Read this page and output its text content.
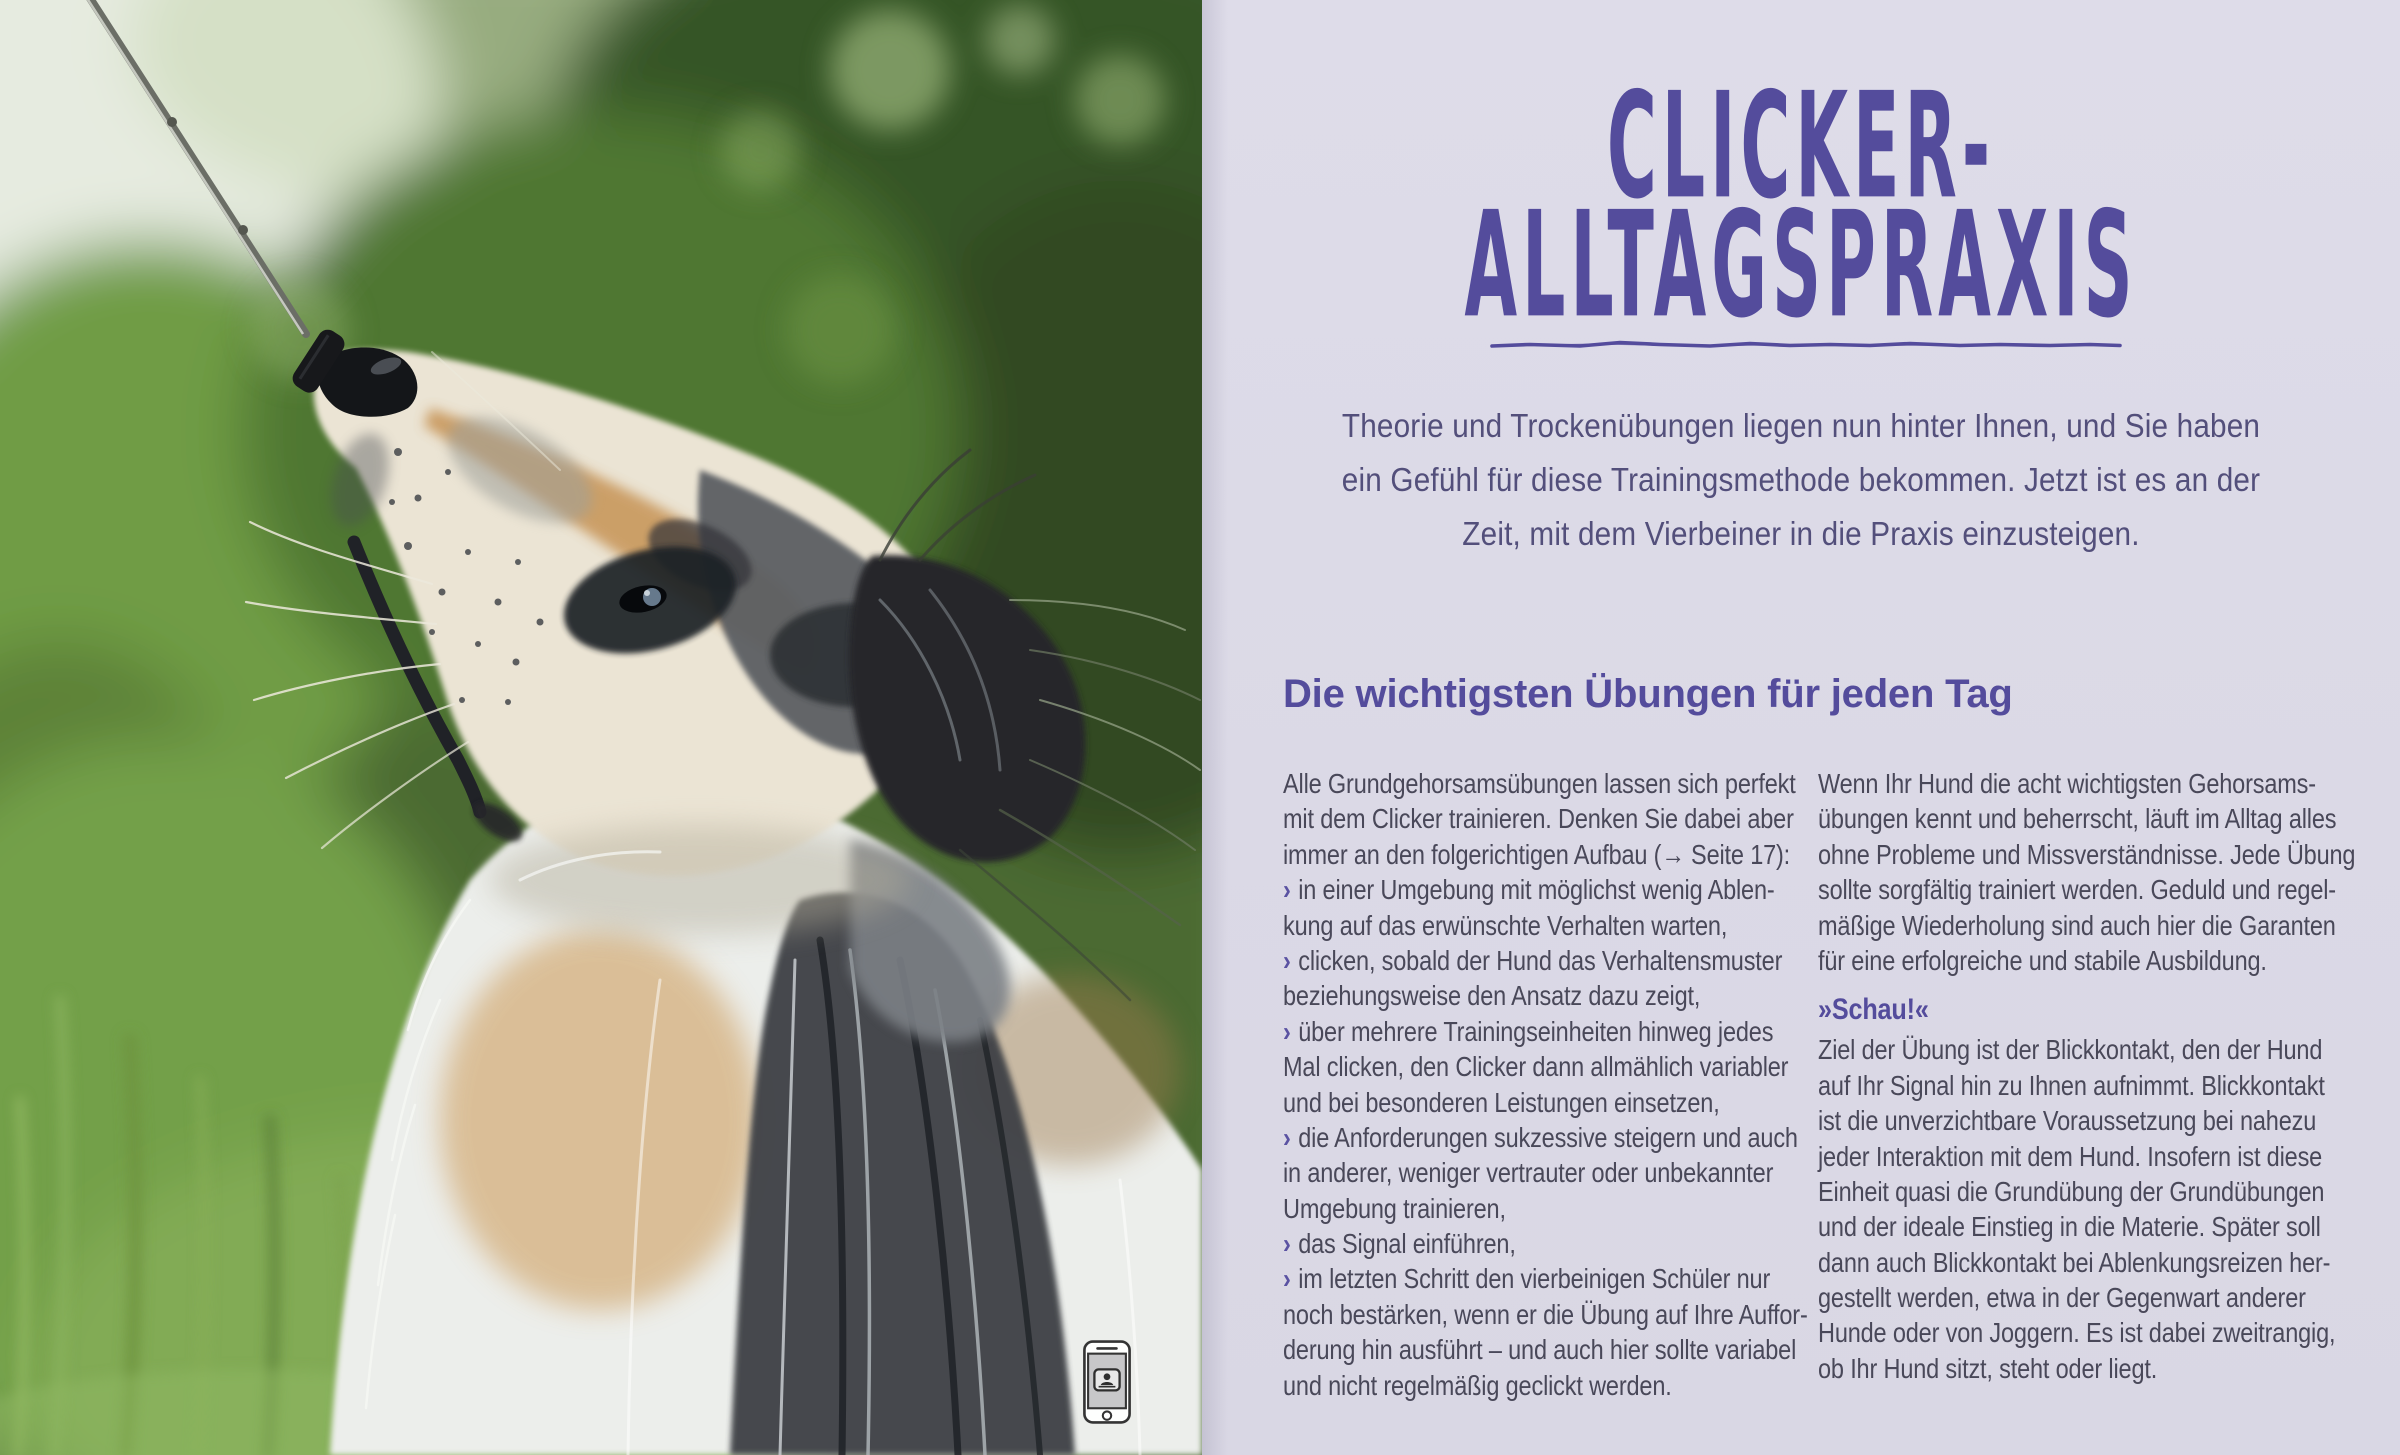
CLICKER-
ALLTAGSPRAXIS
Theorie und Trockenübungen liegen nun hinter Ihnen, und Sie haben
ein Gefühl für diese Trainingsmethode bekommen. Jetzt ist es an der
Zeit, mit dem Vierbeiner in die Praxis einzusteigen.
Die wichtigsten Übungen für jeden Tag
Alle Grundgehorsamsübungen lassen sich perfekt
mit dem Clicker trainieren. Denken Sie dabei aber
immer an den folgerichtigen Aufbau (→ Seite 17):
› in einer Umgebung mit möglichst wenig Ablen-
kung auf das erwünschte Verhalten warten,
› clicken, sobald der Hund das Verhaltensmuster
beziehungsweise den Ansatz dazu zeigt,
› über mehrere Trainingseinheiten hinweg jedes
Mal clicken, den Clicker dann allmählich variabler
und bei besonderen Leistungen einsetzen,
› die Anforderungen sukzessive steigern und auch
in anderer, weniger vertrauter oder unbekannter
Umgebung trainieren,
› das Signal einführen,
› im letzten Schritt den vierbeinigen Schüler nur
noch bestärken, wenn er die Übung auf Ihre Auffor-
derung hin ausführt – und auch hier sollte variabel
und nicht regelmäßig geclickt werden.
Wenn Ihr Hund die acht wichtigsten Gehorsams-
übungen kennt und beherrscht, läuft im Alltag alles
ohne Probleme und Missverständnisse. Jede Übung
sollte sorgfältig trainiert werden. Geduld und regel-
mäßige Wiederholung sind auch hier die Garanten
für eine erfolgreiche und stabile Ausbildung.
»Schau!«
Ziel der Übung ist der Blickkontakt, den der Hund
auf Ihr Signal hin zu Ihnen aufnimmt. Blickkontakt
ist die unverzichtbare Voraussetzung bei nahezu
jeder Interaktion mit dem Hund. Insofern ist diese
Einheit quasi die Grundübung der Grundübungen
und der ideale Einstieg in die Materie. Später soll
dann auch Blickkontakt bei Ablenkungsreizen her-
gestellt werden, etwa in der Gegenwart anderer
Hunde oder von Joggern. Es ist dabei zweitrangig,
ob Ihr Hund sitzt, steht oder liegt.
